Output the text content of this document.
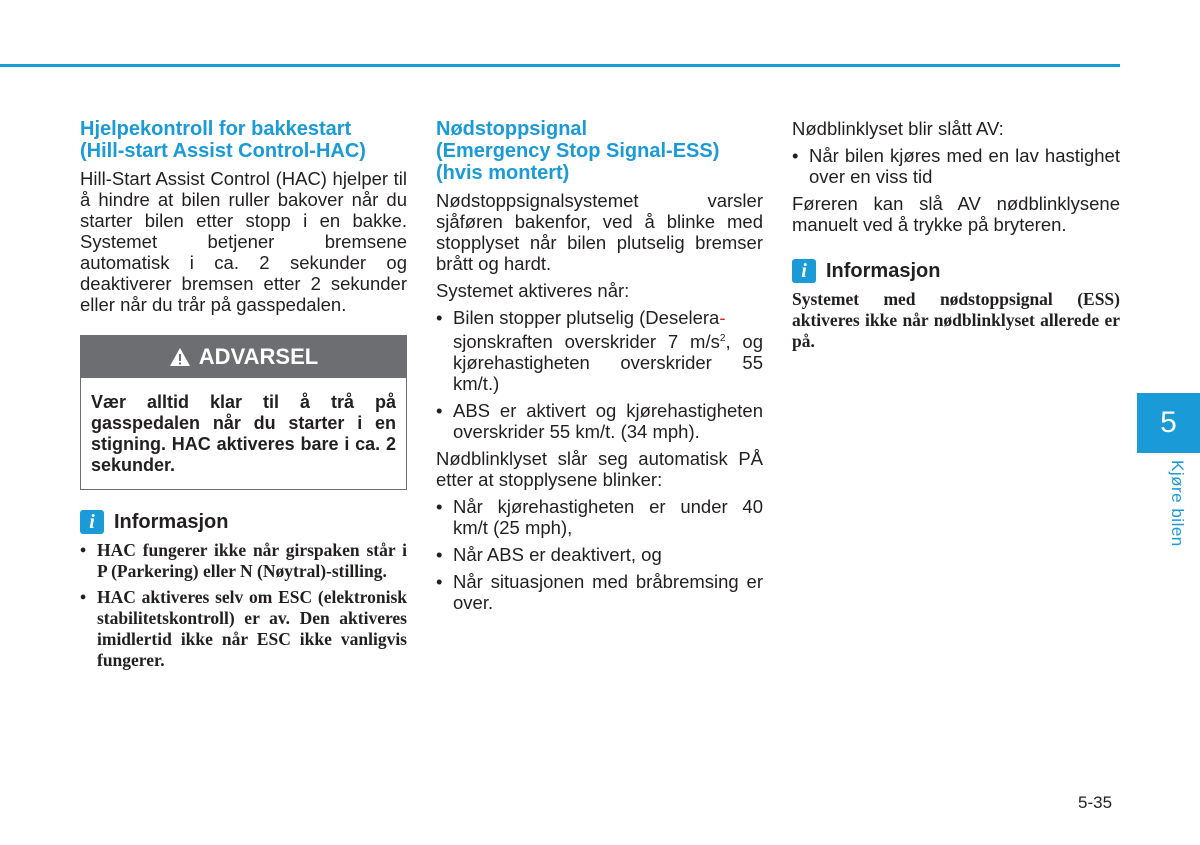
Hjelpekontroll for bakkestart
(Hill-start Assist Control-HAC)

Hill-Start Assist Control (HAC) hjelper til å hindre at bilen ruller bakover når du starter bilen etter stopp i en bakke. Systemet betjener bremsene automatisk i ca. 2 sekunder og deaktiverer bremsen etter 2 sekunder eller når du trår på gasspedalen.

ADVARSEL
Vær alltid klar til å trå på gasspedalen når du starter i en stigning. HAC aktiveres bare i ca. 2 sekunder.
i Informasjon
• HAC fungerer ikke når girspaken står i P (Parkering) eller N (Nøytral)-stilling.
• HAC aktiveres selv om ESC (elektronisk stabilitetskontroll) er av. Den aktiveres imidlertid ikke når ESC ikke vanligvis fungerer.
Nødstoppsignal
(Emergency Stop Signal-ESS)
(hvis montert)

Nødstoppsignalsystemet varsler sjåføren bakenfor, ved å blinke med stopplyset når bilen plutselig bremser brått og hardt.

Systemet aktiveres når:

• Bilen stopper plutselig (Deselera-
sjonskraften overskrider 7 $m/s^2$, og kjørehastigheten overskrider 55 km/t.)
• ABS er aktivert og kjørehastigheten overskrider 55 km/t. (34 mph).

Nødblinklyset slår seg automatisk PÅ etter at stopplysene blinker:

• Når kjørehastigheten er under 40 km/t (25 mph),
• Når ABS er deaktivert, og
• Når situasjonen med bråbremsing er over.

Nødblinklyset blir slått AV:

• Når bilen kjøres med en lav hastighet over en viss tid

Føreren kan slå AV nødblinklysene manuelt ved å trykke på bryteren.

i Informasjon

Systemet med nødstoppsignal (ESS) aktiveres ikke når nødblinklyset allerede er på.

5
Kjøre bilen
5-35
